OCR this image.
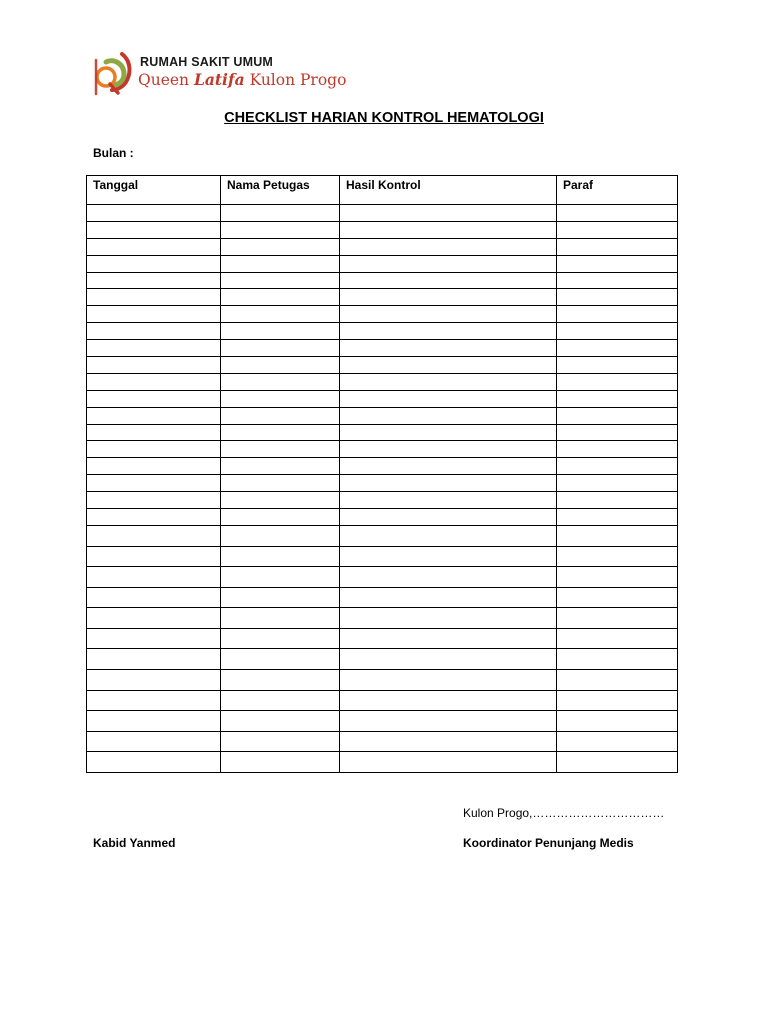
RUMAH SAKIT UMUM
Queen Latifa Kulon Progo
CHECKLIST HARIAN KONTROL HEMATOLOGI
Bulan :
Tanggal	Nama Petugas	Hasil Kontrol	Paraf

Kulon Progo,……………………………
Kabid Yanmed	Koordinator Penunjang Medis
